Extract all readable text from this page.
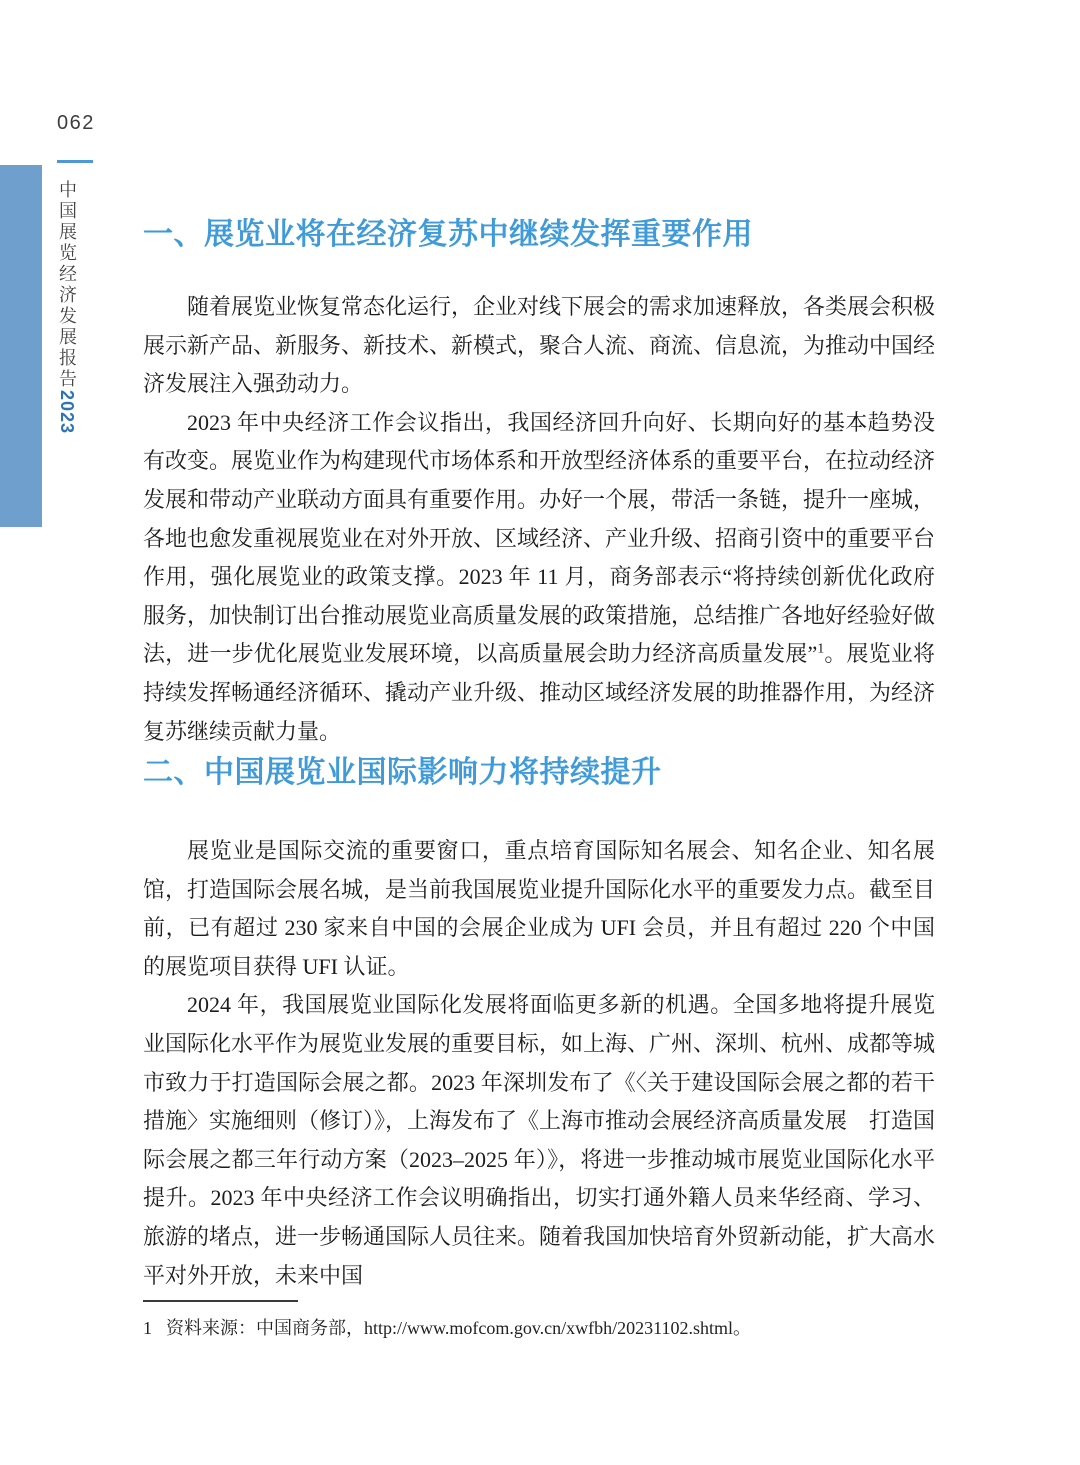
062
中国展览经济发展报告2023
一、展览业将在经济复苏中继续发挥重要作用

随着展览业恢复常态化运行，企业对线下展会的需求加速释放，各类展会积极展示新产品、新服务、新技术、新模式，聚合人流、商流、信息流，为推动中国经济发展注入强劲动力。

2023 年中央经济工作会议指出，我国经济回升向好、长期向好的基本趋势没有改变。展览业作为构建现代市场体系和开放型经济体系的重要平台，在拉动经济发展和带动产业联动方面具有重要作用。办好一个展，带活一条链，提升一座城，各地也愈发重视展览业在对外开放、区域经济、产业升级、招商引资中的重要平台作用，强化展览业的政策支撑。2023 年 11 月，商务部表示“将持续创新优化政府服务，加快制订出台推动展览业高质量发展的政策措施，总结推广各地好经验好做法，进一步优化展览业发展环境，以高质量展会助力经济高质量发展”$^1$。展览业将持续发挥畅通经济循环、撬动产业升级、推动区域经济发展的助推器作用，为经济复苏继续贡献力量。

二、中国展览业国际影响力将持续提升

展览业是国际交流的重要窗口，重点培育国际知名展会、知名企业、知名展馆，打造国际会展名城，是当前我国展览业提升国际化水平的重要发力点。截至目前，已有超过 230 家来自中国的会展企业成为 UFI 会员，并且有超过 220 个中国的展览项目获得 UFI 认证。

2024 年，我国展览业国际化发展将面临更多新的机遇。全国多地将提升展览业国际化水平作为展览业发展的重要目标，如上海、广州、深圳、杭州、成都等城市致力于打造国际会展之都。2023 年深圳发布了《〈关于建设国际会展之都的若干措施〉实施细则（修订）》，上海发布了《上海市推动会展经济高质量发展　打造国际会展之都三年行动方案（2023–2025 年）》，将进一步推动城市展览业国际化水平提升。2023 年中央经济工作会议明确指出，切实打通外籍人员来华经商、学习、旅游的堵点，进一步畅通国际人员往来。随着我国加快培育外贸新动能，扩大高水平对外开放，未来中国

1 资料来源：中国商务部，http://www.mofcom.gov.cn/xwfbh/20231102.shtml。
